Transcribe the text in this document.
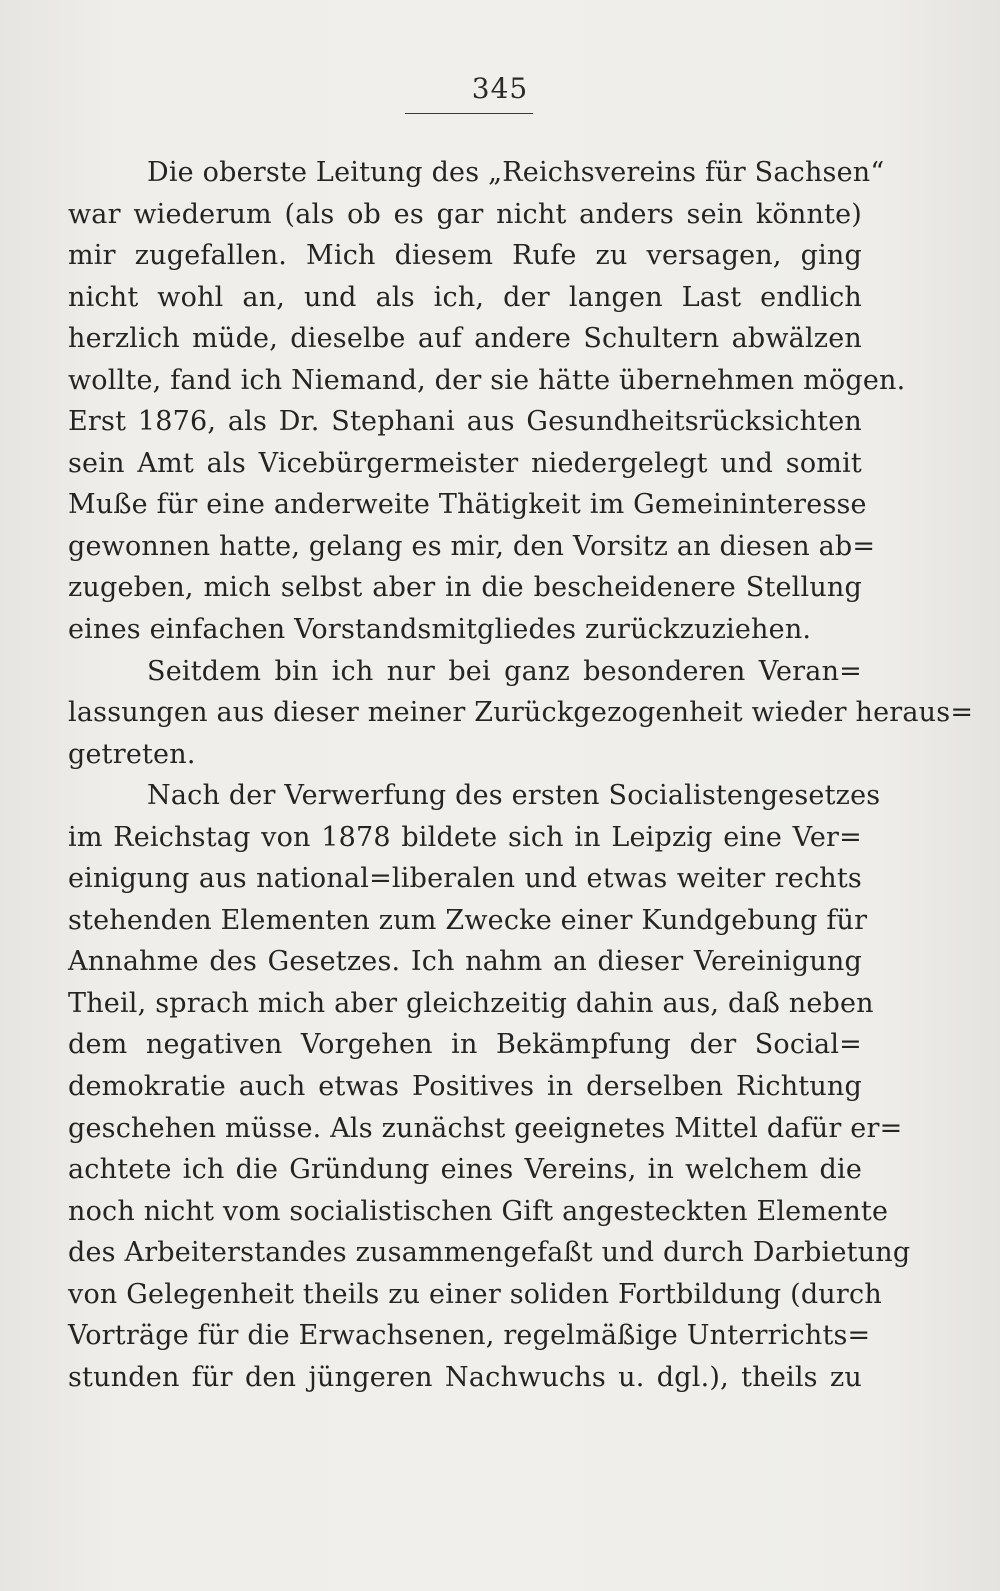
345
Die oberste Leitung des „Reichsvereins für Sachsen“
war wiederum (als ob es gar nicht anders sein könnte)
mir zugefallen. Mich diesem Rufe zu versagen, ging
nicht wohl an, und als ich, der langen Last endlich
herzlich müde, dieselbe auf andere Schultern abwälzen
wollte, fand ich Niemand, der sie hätte übernehmen mögen.
Erst 1876, als Dr. Stephani aus Gesundheitsrücksichten
sein Amt als Vicebürgermeister niedergelegt und somit
Muße für eine anderweite Thätigkeit im Gemeininteresse
gewonnen hatte, gelang es mir, den Vorsitz an diesen ab=
zugeben, mich selbst aber in die bescheidenere Stellung
eines einfachen Vorstandsmitgliedes zurückzuziehen.
Seitdem bin ich nur bei ganz besonderen Veran=
lassungen aus dieser meiner Zurückgezogenheit wieder heraus=
getreten.
Nach der Verwerfung des ersten Socialistengesetzes
im Reichstag von 1878 bildete sich in Leipzig eine Ver=
einigung aus national=liberalen und etwas weiter rechts
stehenden Elementen zum Zwecke einer Kundgebung für
Annahme des Gesetzes. Ich nahm an dieser Vereinigung
Theil, sprach mich aber gleichzeitig dahin aus, daß neben
dem negativen Vorgehen in Bekämpfung der Social=
demokratie auch etwas Positives in derselben Richtung
geschehen müsse. Als zunächst geeignetes Mittel dafür er=
achtete ich die Gründung eines Vereins, in welchem die
noch nicht vom socialistischen Gift angesteckten Elemente
des Arbeiterstandes zusammengefaßt und durch Darbietung
von Gelegenheit theils zu einer soliden Fortbildung (durch
Vorträge für die Erwachsenen, regelmäßige Unterrichts=
stunden für den jüngeren Nachwuchs u. dgl.), theils zu
